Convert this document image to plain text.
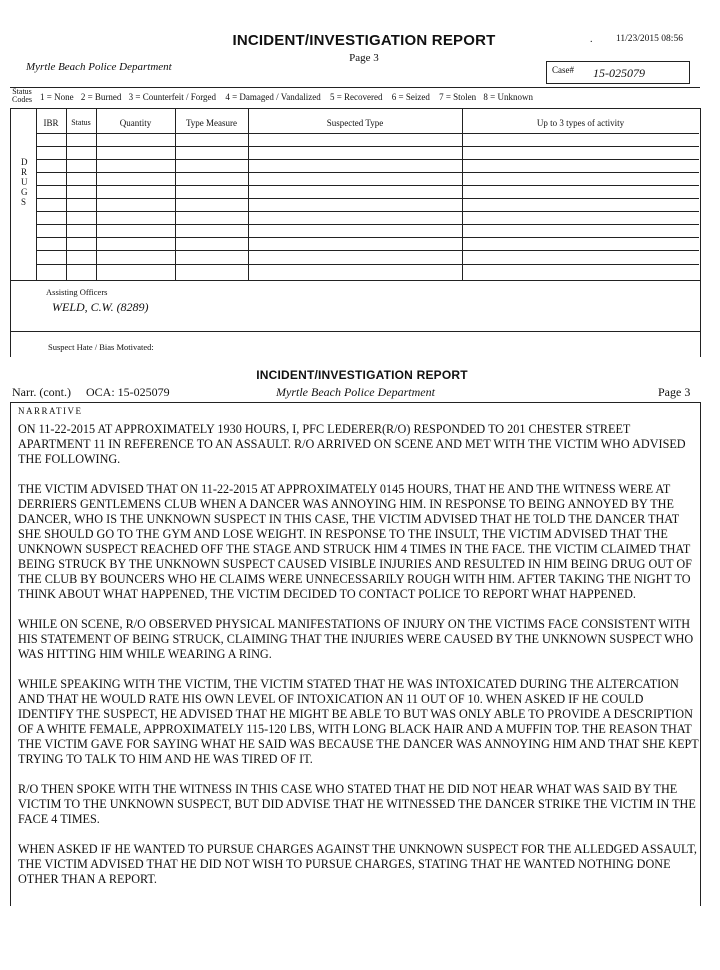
INCIDENT/INVESTIGATION REPORT
Page 3
. 11/23/2015 08:56
Myrtle Beach Police Department	Case# 15-025079
Status
Codes 1 = None 2 = Burned 3 = Counterfeit / Forged 4 = Damaged / Vandalized 5 = Recovered 6 = Seized 7 = Stolen 8 = Unknown
IBR	Status	Quantity	Type Measure	Suspected Type	Up to 3 types of activity
D
R
U
G
S
Assisting Officers
WELD, C.W. (8289)
Suspect Hate / Bias Motivated:
INCIDENT/INVESTIGATION REPORT
Narr. (cont.) OCA: 15-025079	Myrtle Beach Police Department	Page 3
NARRATIVE

ON 11-22-2015 AT APPROXIMATELY 1930 HOURS, I, PFC LEDERER(R/O) RESPONDED TO 201 CHESTER STREET APARTMENT 11 IN REFERENCE TO AN ASSAULT. R/O ARRIVED ON SCENE AND MET WITH THE VICTIM WHO ADVISED THE FOLLOWING.

THE VICTIM ADVISED THAT ON 11-22-2015 AT APPROXIMATELY 0145 HOURS, THAT HE AND THE WITNESS WERE AT DERRIERS GENTLEMENS CLUB WHEN A DANCER WAS ANNOYING HIM. IN RESPONSE TO BEING ANNOYED BY THE DANCER, WHO IS THE UNKNOWN SUSPECT IN THIS CASE, THE VICTIM ADVISED THAT HE TOLD THE DANCER THAT SHE SHOULD GO TO THE GYM AND LOSE WEIGHT. IN RESPONSE TO THE INSULT, THE VICTIM ADVISED THAT THE UNKNOWN SUSPECT REACHED OFF THE STAGE AND STRUCK HIM 4 TIMES IN THE FACE. THE VICTIM CLAIMED THAT BEING STRUCK BY THE UNKNOWN SUSPECT CAUSED VISIBLE INJURIES AND RESULTED IN HIM BEING DRUG OUT OF THE CLUB BY BOUNCERS WHO HE CLAIMS WERE UNNECESSARILY ROUGH WITH HIM. AFTER TAKING THE NIGHT TO THINK ABOUT WHAT HAPPENED, THE VICTIM DECIDED TO CONTACT POLICE TO REPORT WHAT HAPPENED.

WHILE ON SCENE, R/O OBSERVED PHYSICAL MANIFESTATIONS OF INJURY ON THE VICTIMS FACE CONSISTENT WITH HIS STATEMENT OF BEING STRUCK, CLAIMING THAT THE INJURIES WERE CAUSED BY THE UNKNOWN SUSPECT WHO WAS HITTING HIM WHILE WEARING A RING.

WHILE SPEAKING WITH THE VICTIM, THE VICTIM STATED THAT HE WAS INTOXICATED DURING THE ALTERCATION AND THAT HE WOULD RATE HIS OWN LEVEL OF INTOXICATION AN 11 OUT OF 10. WHEN ASKED IF HE COULD IDENTIFY THE SUSPECT, HE ADVISED THAT HE MIGHT BE ABLE TO BUT WAS ONLY ABLE TO PROVIDE A DESCRIPTION OF A WHITE FEMALE, APPROXIMATELY 115-120 LBS, WITH LONG BLACK HAIR AND A MUFFIN TOP. THE REASON THAT THE VICTIM GAVE FOR SAYING WHAT HE SAID WAS BECAUSE THE DANCER WAS ANNOYING HIM AND THAT SHE KEPT TRYING TO TALK TO HIM AND HE WAS TIRED OF IT.

R/O THEN SPOKE WITH THE WITNESS IN THIS CASE WHO STATED THAT HE DID NOT HEAR WHAT WAS SAID BY THE VICTIM TO THE UNKNOWN SUSPECT, BUT DID ADVISE THAT HE WITNESSED THE DANCER STRIKE THE VICTIM IN THE FACE 4 TIMES.

WHEN ASKED IF HE WANTED TO PURSUE CHARGES AGAINST THE UNKNOWN SUSPECT FOR THE ALLEDGED ASSAULT, THE VICTIM ADVISED THAT HE DID NOT WISH TO PURSUE CHARGES, STATING THAT HE WANTED NOTHING DONE OTHER THAN A REPORT.
